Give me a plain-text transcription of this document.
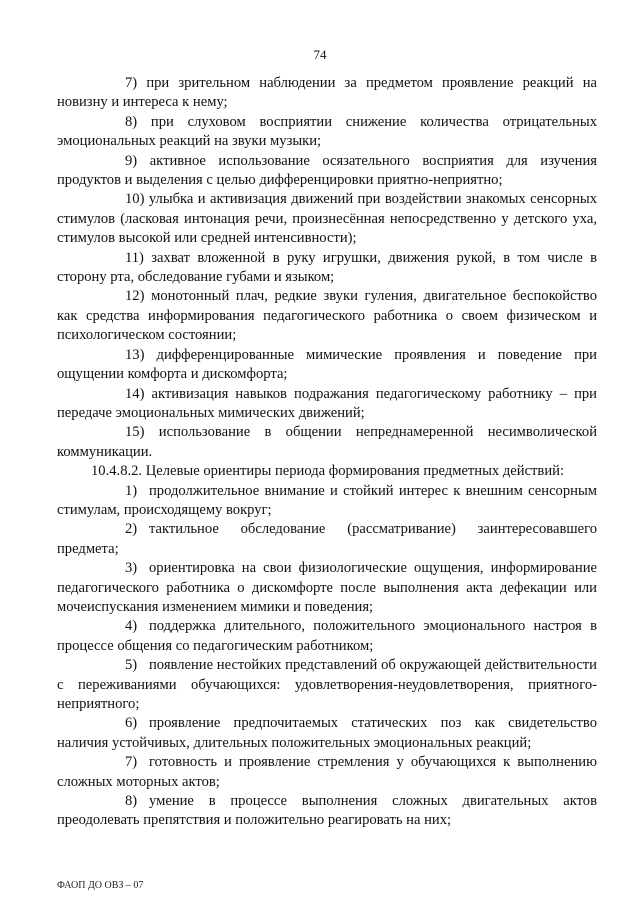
74

7) при зрительном наблюдении за предметом проявление реакций на новизну и интереса к нему;

8) при слуховом восприятии снижение количества отрицательных эмоциональных реакций на звуки музыки;

9) активное использование осязательного восприятия для изучения продуктов и выделения с целью дифференцировки приятно-неприятно;

10) улыбка и активизация движений при воздействии знакомых сенсорных стимулов (ласковая интонация речи, произнесённая непосредственно у детского уха, стимулов высокой или средней интенсивности);

11) захват вложенной в руку игрушки, движения рукой, в том числе в сторону рта, обследование губами и языком;

12) монотонный плач, редкие звуки гуления, двигательное беспокойство как средства информирования педагогического работника о своем физическом и психологическом состоянии;

13) дифференцированные мимические проявления и поведение при ощущении комфорта и дискомфорта;

14) активизация навыков подражания педагогическому работнику – при передаче эмоциональных мимических движений;

15) использование в общении непреднамеренной несимволической коммуникации.

10.4.8.2. Целевые ориентиры периода формирования предметных действий:

1) продолжительное внимание и стойкий интерес к внешним сенсорным стимулам, происходящему вокруг;

2) тактильное обследование (рассматривание) заинтересовавшего предмета;

3) ориентировка на свои физиологические ощущения, информирование педагогического работника о дискомфорте после выполнения акта дефекации или мочеиспускания изменением мимики и поведения;

4) поддержка длительного, положительного эмоционального настроя в процессе общения со педагогическим работником;

5) появление нестойких представлений об окружающей действительности с переживаниями обучающихся: удовлетворения-неудовлетворения, приятного-неприятного;

6) проявление предпочитаемых статических поз как свидетельство наличия устойчивых, длительных положительных эмоциональных реакций;

7) готовность и проявление стремления у обучающихся к выполнению сложных моторных актов;

8) умение в процессе выполнения сложных двигательных актов преодолевать препятствия и положительно реагировать на них;

ФАОП ДО ОВЗ – 07
